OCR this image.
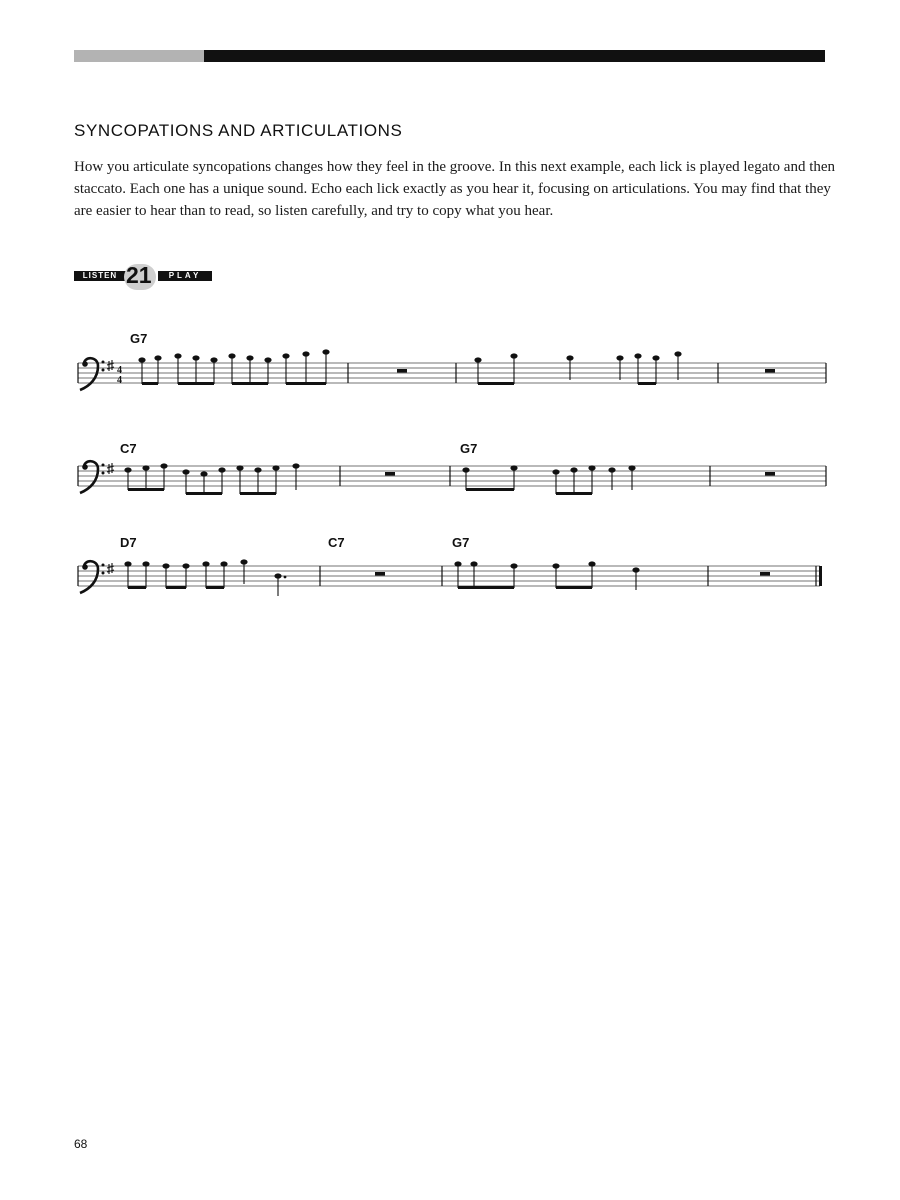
SYNCOPATIONS AND ARTICULATIONS

How you articulate syncopations changes how they feel in the groove. In this next example, each lick is played legato and then staccato. Each one has a unique sound. Echo each lick exactly as you hear it, focusing on articulations. You may find that they are easier to hear than to read, so listen carefully, and try to copy what you hear.

LISTEN 21	PLAY
4
4
G7
C7	G7
D7	C7	G7
68
